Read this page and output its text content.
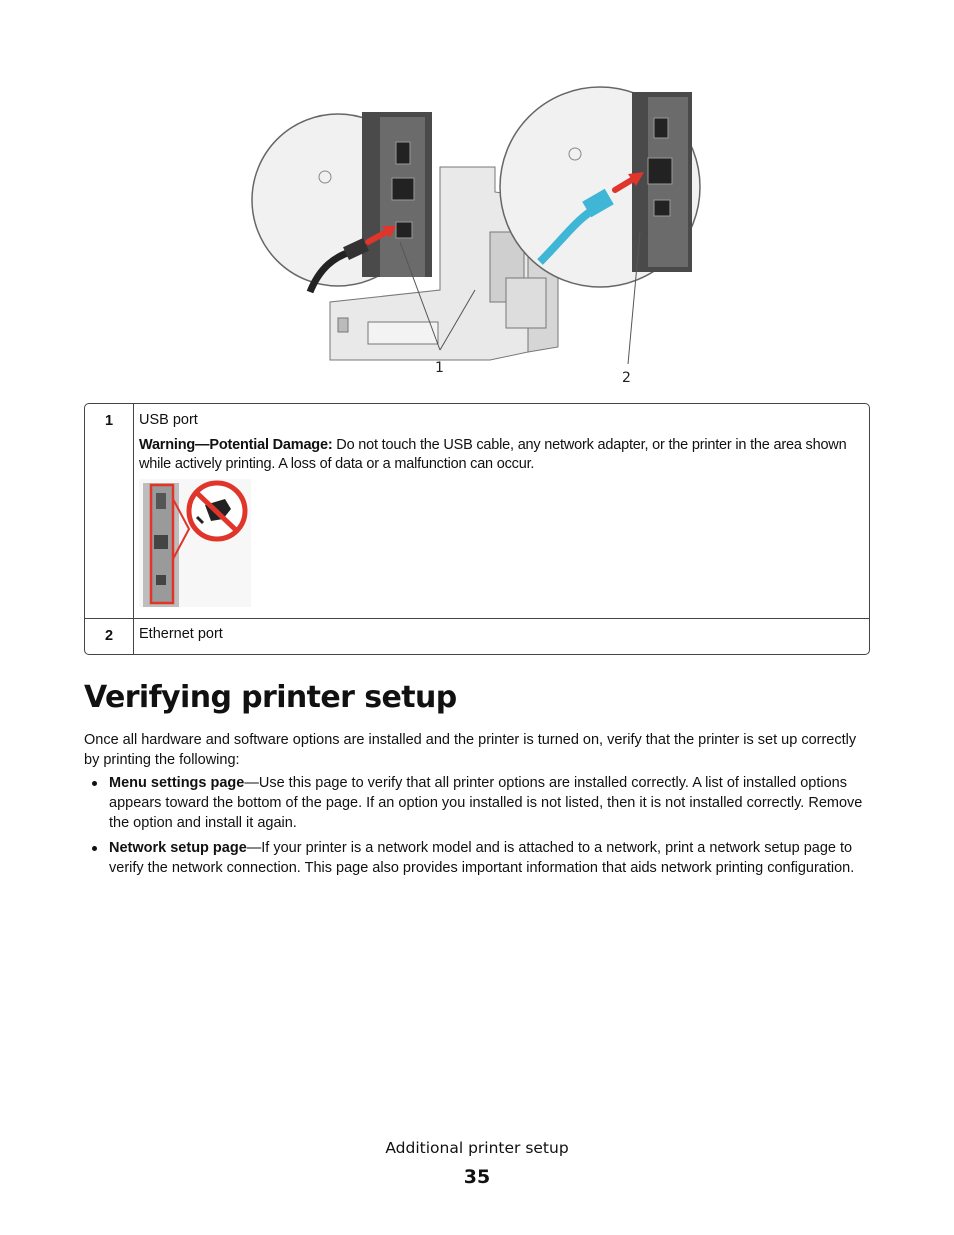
1
2
1	USB port
Warning—Potential Damage: Do not touch the USB cable, any network adapter, or the printer in the area shown while actively printing. A loss of data or a malfunction can occur.

2	Ethernet port
Verifying printer setup

Once all hardware and software options are installed and the printer is turned on, verify that the printer is set up correctly by printing the following:

Menu settings page—Use this page to verify that all printer options are installed correctly. A list of installed options appears toward the bottom of the page. If an option you installed is not listed, then it is not installed correctly. Remove the option and install it again.
Network setup page—If your printer is a network model and is attached to a network, print a network setup page to verify the network connection. This page also provides important information that aids network printing configuration.
Additional printer setup
35
